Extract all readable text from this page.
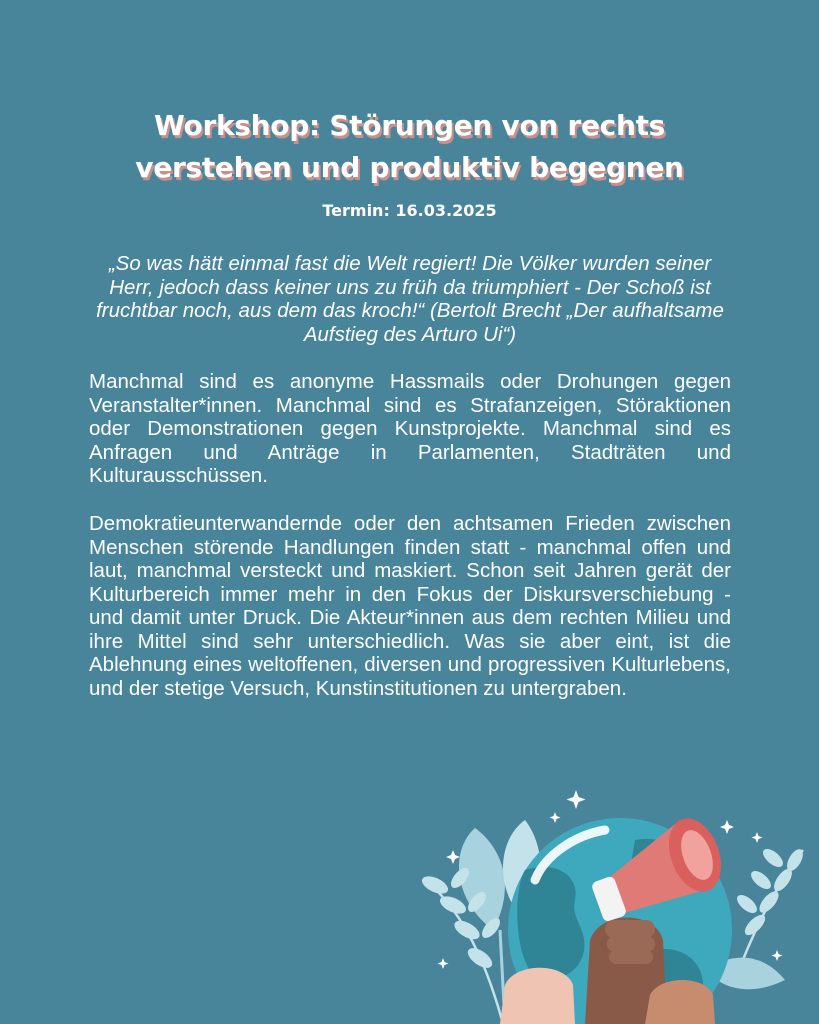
Workshop: Störungen von rechts
verstehen und produktiv begegnen
Termin: 16.03.2025
„So was hätt einmal fast die Welt regiert! Die Völker wurden seiner Herr, jedoch dass keiner uns zu früh da triumphiert - Der Schoß ist fruchtbar noch, aus dem das kroch!“ (Bertolt Brecht „Der aufhaltsame Aufstieg des Arturo Ui“)
Manchmal sind es anonyme Hassmails oder Drohungen gegen Veranstalter*innen. Manchmal sind es Strafanzeigen, Störaktionen oder Demonstrationen gegen Kunstprojekte. Manchmal sind es Anfragen und Anträge in Parlamenten, Stadträten und Kulturausschüssen.
Demokratieunterwandernde oder den achtsamen Frieden zwischen Menschen störende Handlungen finden statt - manchmal offen und laut, manchmal versteckt und maskiert. Schon seit Jahren gerät der Kulturbereich immer mehr in den Fokus der Diskursverschiebung - und damit unter Druck. Die Akteur*innen aus dem rechten Milieu und ihre Mittel sind sehr unterschiedlich. Was sie aber eint, ist die Ablehnung eines weltoffenen, diversen und progressiven Kulturlebens, und der stetige Versuch, Kunstinstitutionen zu untergraben.
